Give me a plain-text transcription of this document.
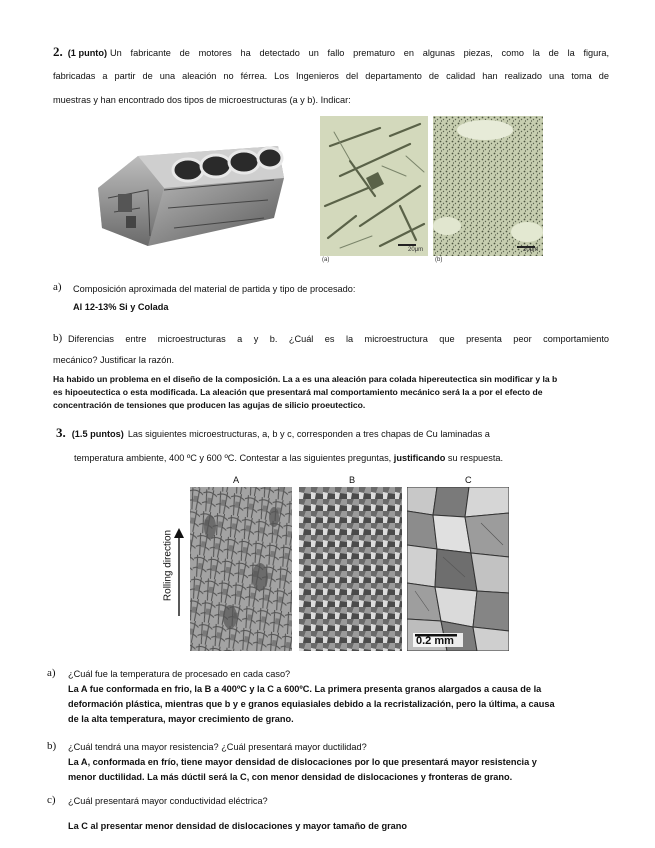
2. (1 punto) Un fabricante de motores ha detectado un fallo prematuro en algunas piezas, como la de la figura,
fabricadas a partir de una aleación no férrea. Los Ingenieros del departamento de calidad han realizado una toma de
muestras y han encontrado dos tipos de microestructuras (a y b). Indicar:
20μm
(a)
20μm
(b)
a) Composición aproximada del material de partida y tipo de procesado:
Al 12-13% Si y Colada
b) Diferencias entre microestructuras a y b. ¿Cuál es la microestructura que presenta peor comportamiento
mecánico? Justificar la razón.
Ha habido un problema en el diseño de la composición. La a es una aleación para colada hipereutectica sin modificar y la b
es hipoeutectica o esta modificada. La aleación que presentará mal comportamiento mecánico será la a por el efecto de
concentración de tensiones que producen las agujas de silicio proeutectico.
3. (1.5 puntos) Las siguientes microestructuras, a, b y c, corresponden a tres chapas de Cu laminadas a
temperatura ambiente, 400 ºC y 600 ºC. Contestar a las siguientes preguntas, justificando su respuesta.
A	B	C
Rolling direction
0.2 mm
a) ¿Cuál fue la temperatura de procesado en cada caso?
La A fue conformada en frio, la B a 400ºC y la C a 600ºC. La primera presenta granos alargados a causa de la
deformación plástica, mientras que b y e granos equiasiales debido a la recristalización, pero la última, a causa
de la alta temperatura, mayor crecimiento de grano.
b) ¿Cuál tendrá una mayor resistencia? ¿Cuál presentará mayor ductilidad?
La A, conformada en frío, tiene mayor densidad de dislocaciones por lo que presentará mayor resistencia y
menor ductilidad. La más dúctil será la C, con menor densidad de dislocaciones y fronteras de grano.
c) ¿Cuál presentará mayor conductividad eléctrica?
La C al presentar menor densidad de dislocaciones y mayor tamaño de grano
